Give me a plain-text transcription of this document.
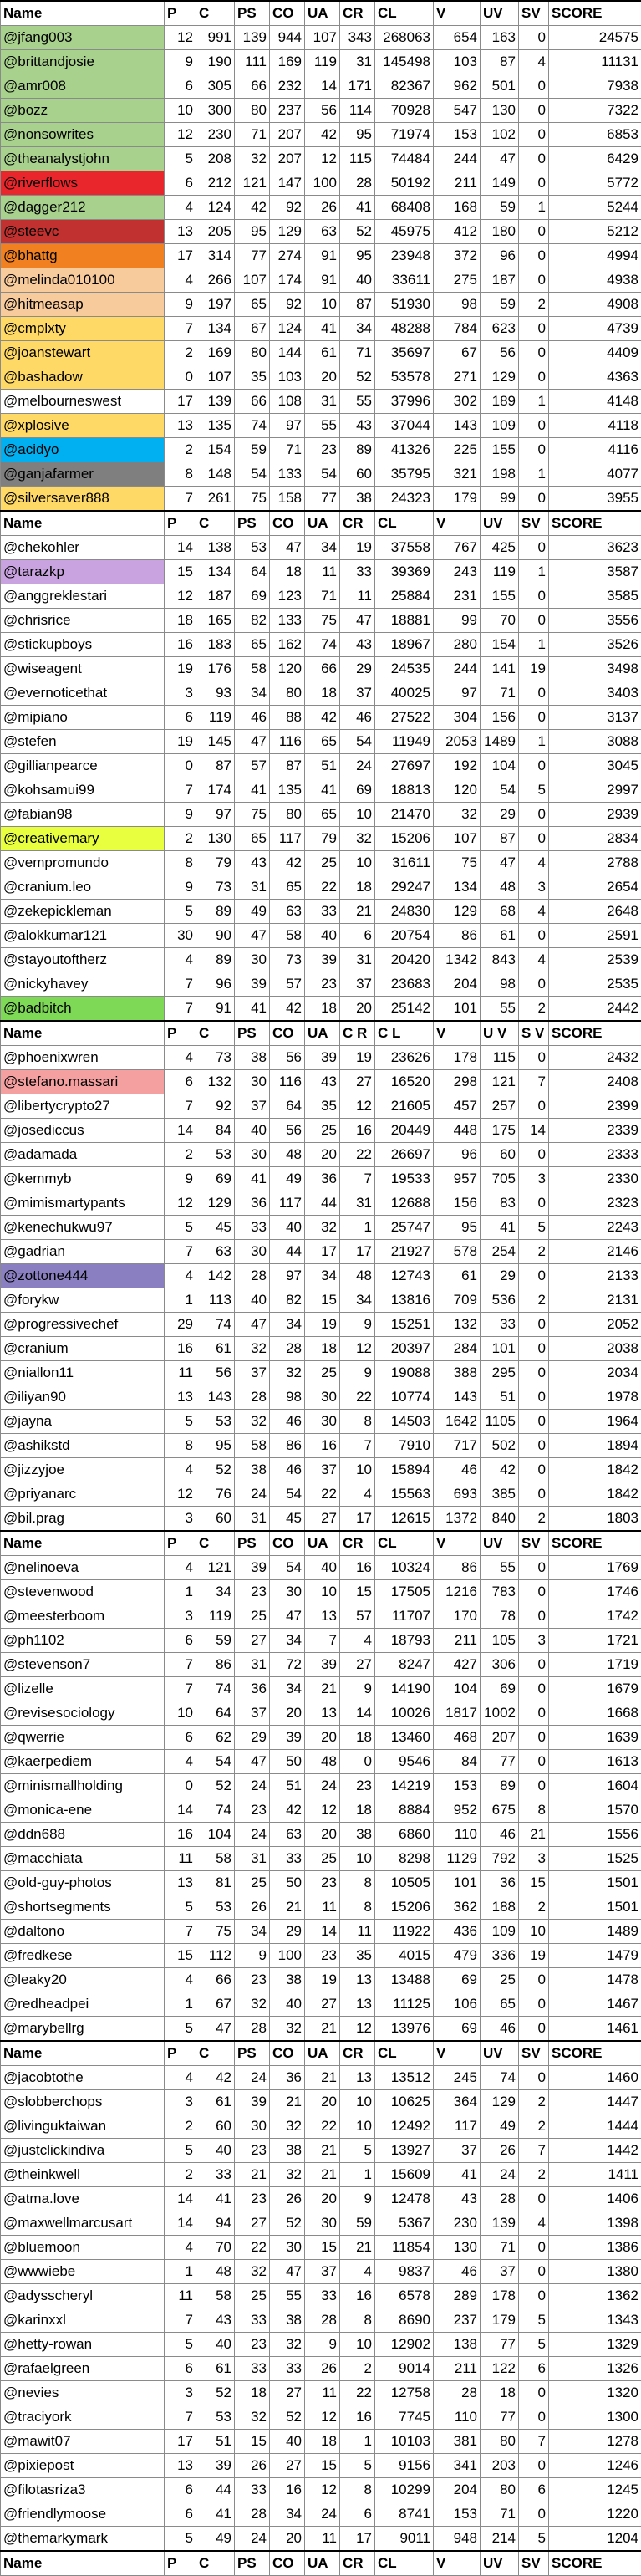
Name	P	C	PS	CO	UA	CR	CL	V	UV	SV	SCORE
@jfang003	12	991	139	944	107	343	268063	654	163	0	24575
@brittandjosie	9	190	111	169	119	31	145498	103	87	4	11131
@amr008	6	305	66	232	14	171	82367	962	501	0	7938
@bozz	10	300	80	237	56	114	70928	547	130	0	7322
@nonsowrites	12	230	71	207	42	95	71974	153	102	0	6853
@theanalystjohn	5	208	32	207	12	115	74484	244	47	0	6429
@riverflows	6	212	121	147	100	28	50192	211	149	0	5772
@dagger212	4	124	42	92	26	41	68408	168	59	1	5244
@steevc	13	205	95	129	63	52	45975	412	180	0	5212
@bhattg	17	314	77	274	91	95	23948	372	96	0	4994
@melinda010100	4	266	107	174	91	40	33611	275	187	0	4938
@hitmeasap	9	197	65	92	10	87	51930	98	59	2	4908
@cmplxty	7	134	67	124	41	34	48288	784	623	0	4739
@joanstewart	2	169	80	144	61	71	35697	67	56	0	4409
@bashadow	0	107	35	103	20	52	53578	271	129	0	4363
@melbourneswest	17	139	66	108	31	55	37996	302	189	1	4148
@xplosive	13	135	74	97	55	43	37044	143	109	0	4118
@acidyo	2	154	59	71	23	89	41326	225	155	0	4116
@ganjafarmer	8	148	54	133	54	60	35795	321	198	1	4077
@silversaver888	7	261	75	158	77	38	24323	179	99	0	3955
Name	P	C	PS	CO	UA	CR	CL	V	UV	SV	SCORE
@chekohler	14	138	53	47	34	19	37558	767	425	0	3623
@tarazkp	15	134	64	18	11	33	39369	243	119	1	3587
@anggreklestari	12	187	69	123	71	11	25884	231	155	0	3585
@chrisrice	18	165	82	133	75	47	18881	99	70	0	3556
@stickupboys	16	183	65	162	74	43	18967	280	154	1	3526
@wiseagent	19	176	58	120	66	29	24535	244	141	19	3498
@evernoticethat	3	93	34	80	18	37	40025	97	71	0	3403
@mipiano	6	119	46	88	42	46	27522	304	156	0	3137
@stefen	19	145	47	116	65	54	11949	2053	1489	1	3088
@gillianpearce	0	87	57	87	51	24	27697	192	104	0	3045
@kohsamui99	7	174	41	135	41	69	18813	120	54	5	2997
@fabian98	9	97	75	80	65	10	21470	32	29	0	2939
@creativemary	2	130	65	117	79	32	15206	107	87	0	2834
@vempromundo	8	79	43	42	25	10	31611	75	47	4	2788
@cranium.leo	9	73	31	65	22	18	29247	134	48	3	2654
@zekepickleman	5	89	49	63	33	21	24830	129	68	4	2648
@alokkumar121	30	90	47	58	40	6	20754	86	61	0	2591
@stayoutoftherz	4	89	30	73	39	31	20420	1342	843	4	2539
@nickyhavey	7	96	39	57	23	37	23683	204	98	0	2535
@badbitch	7	91	41	42	18	20	25142	101	55	2	2442
Name	P	C	PS	CO	UA	C R	C L	V	U V	S V	SCORE
@phoenixwren	4	73	38	56	39	19	23626	178	115	0	2432
@stefano.massari	6	132	30	116	43	27	16520	298	121	7	2408
@libertycrypto27	7	92	37	64	35	12	21605	457	257	0	2399
@josediccus	14	84	40	56	25	16	20449	448	175	14	2339
@adamada	2	53	30	48	20	22	26697	96	60	0	2333
@kemmyb	9	69	41	49	36	7	19533	957	705	3	2330
@mimismartypants	12	129	36	117	44	31	12688	156	83	0	2323
@kenechukwu97	5	45	33	40	32	1	25747	95	41	5	2243
@gadrian	7	63	30	44	17	17	21927	578	254	2	2146
@zottone444	4	142	28	97	34	48	12743	61	29	0	2133
@forykw	1	113	40	82	15	34	13816	709	536	2	2131
@progressivechef	29	74	47	34	19	9	15251	132	33	0	2052
@cranium	16	61	32	28	18	12	20397	284	101	0	2038
@niallon11	11	56	37	32	25	9	19088	388	295	0	2034
@iliyan90	13	143	28	98	30	22	10774	143	51	0	1978
@jayna	5	53	32	46	30	8	14503	1642	1105	0	1964
@ashikstd	8	95	58	86	16	7	7910	717	502	0	1894
@jizzyjoe	4	52	38	46	37	10	15894	46	42	0	1842
@priyanarc	12	76	24	54	22	4	15563	693	385	0	1842
@bil.prag	3	60	31	45	27	17	12615	1372	840	2	1803
Name	P	C	PS	CO	UA	CR	CL	V	UV	SV	SCORE
@nelinoeva	4	121	39	54	40	16	10324	86	55	0	1769
@stevenwood	1	34	23	30	10	15	17505	1216	783	0	1746
@meesterboom	3	119	25	47	13	57	11707	170	78	0	1742
@ph1102	6	59	27	34	7	4	18793	211	105	3	1721
@stevenson7	7	86	31	72	39	27	8247	427	306	0	1719
@lizelle	7	74	36	34	21	9	14190	104	69	0	1679
@revisesociology	10	64	37	20	13	14	10026	1817	1002	0	1668
@qwerrie	6	62	29	39	20	18	13460	468	207	0	1639
@kaerpediem	4	54	47	50	48	0	9546	84	77	0	1613
@minismallholding	0	52	24	51	24	23	14219	153	89	0	1604
@monica-ene	14	74	23	42	12	18	8884	952	675	8	1570
@ddn688	16	104	24	63	20	38	6860	110	46	21	1556
@macchiata	11	58	31	33	25	10	8298	1129	792	3	1525
@old-guy-photos	13	81	25	50	23	8	10505	101	36	15	1501
@shortsegments	5	53	26	21	11	8	15206	362	188	2	1501
@daltono	7	75	34	29	14	11	11922	436	109	10	1489
@fredkese	15	112	9	100	23	35	4015	479	336	19	1479
@leaky20	4	66	23	38	19	13	13488	69	25	0	1478
@redheadpei	1	67	32	40	27	13	11125	106	65	0	1467
@marybellrg	5	47	28	32	21	12	13976	69	46	0	1461
Name	P	C	PS	CO	UA	CR	CL	V	UV	SV	SCORE
@jacobtothe	4	42	24	36	21	13	13512	245	74	0	1460
@slobberchops	3	61	39	21	20	10	10625	364	129	2	1447
@livinguktaiwan	2	60	30	32	22	10	12492	117	49	2	1444
@justclickindiva	5	40	23	38	21	5	13927	37	26	7	1442
@theinkwell	2	33	21	32	21	1	15609	41	24	2	1411
@atma.love	14	41	23	26	20	9	12478	43	28	0	1406
@maxwellmarcusart	14	94	27	52	30	59	5367	230	139	4	1398
@bluemoon	4	70	22	30	15	21	11854	130	71	0	1386
@wwwiebe	1	48	32	47	37	4	9837	46	37	0	1380
@adysscheryl	11	58	25	55	33	16	6578	289	178	0	1362
@karinxxl	7	43	33	38	28	8	8690	237	179	5	1343
@hetty-rowan	5	40	23	32	9	10	12902	138	77	5	1329
@rafaelgreen	6	61	33	33	26	2	9014	211	122	6	1326
@nevies	3	52	18	27	11	22	12758	28	18	0	1320
@traciyork	7	53	32	52	12	16	7745	110	77	0	1300
@mawit07	17	51	15	40	18	1	10103	381	80	7	1278
@pixiepost	13	39	26	27	15	5	9156	341	203	0	1246
@filotasriza3	6	44	33	16	12	8	10299	204	80	6	1245
@friendlymoose	6	41	28	34	24	6	8741	153	71	0	1220
@themarkymark	5	49	24	20	11	17	9011	948	214	5	1204
Name	P	C	PS	CO	UA	CR	CL	V	UV	SV	SCORE
